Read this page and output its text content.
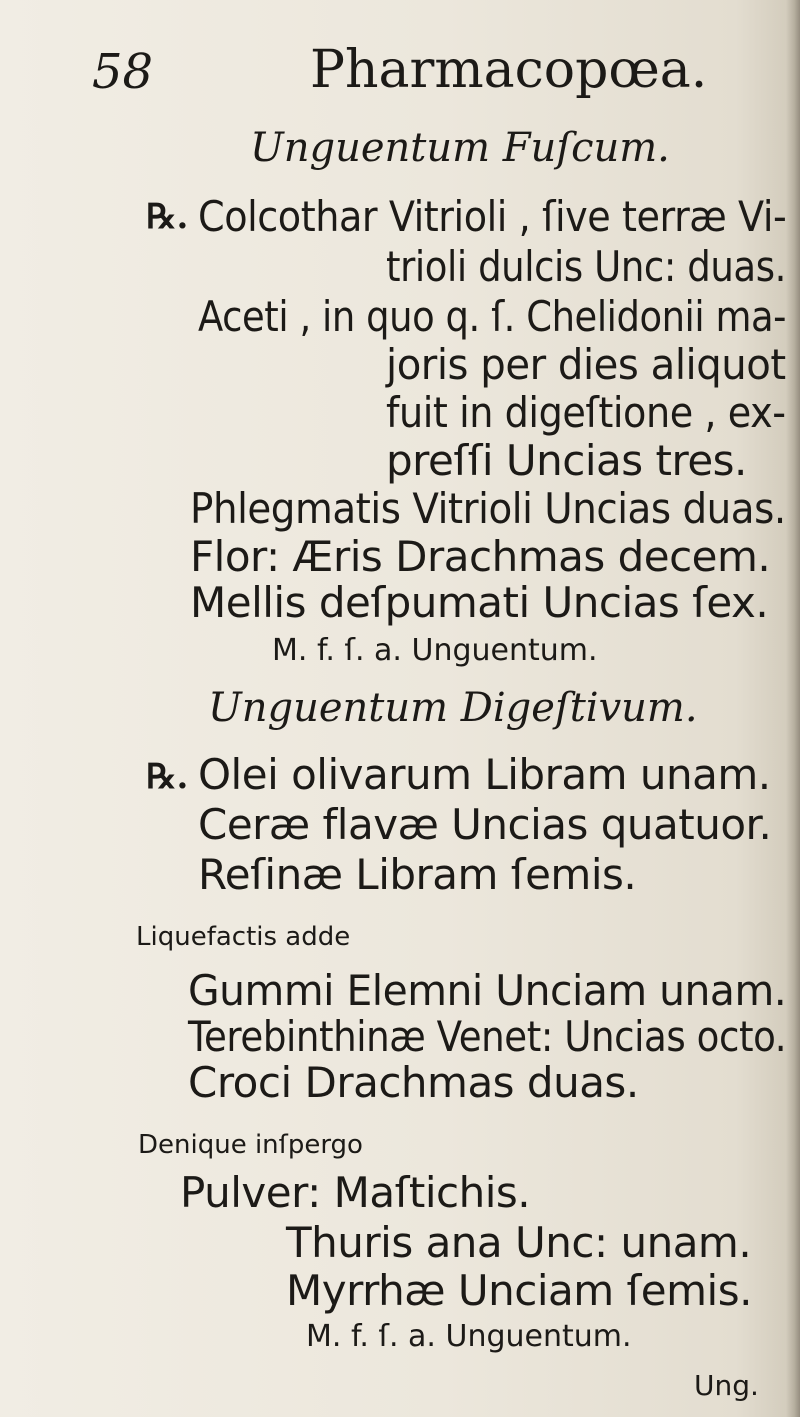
58	Pharmacopœa.
Unguentum Fuſcum.
℞. Colcothar Vitrioli , ſive terræ Vi-
trioli dulcis Unc: duas.
Aceti , in quo q. ſ. Chelidonii ma-
joris per dies aliquot
fuit in digeſtione , ex-
preſſi Uncias tres.
Phlegmatis Vitrioli Uncias duas.
Flor: Æris Drachmas decem.
Mellis deſpumati Uncias ſex.
M. f. ſ. a. Unguentum.
Unguentum Digeſtivum.
℞. Olei olivarum Libram unam.
Ceræ flavæ Uncias quatuor.
Reſinæ Libram ſemis.
Liquefactis adde
Gummi Elemni Unciam unam.
Terebinthinæ Venet: Uncias octo.
Croci Drachmas duas.
Denique inſpergo
Pulver: Maſtichis.
Thuris ana Unc: unam.
Myrrhæ Unciam ſemis.
M. f. ſ. a. Unguentum.
Ung.
